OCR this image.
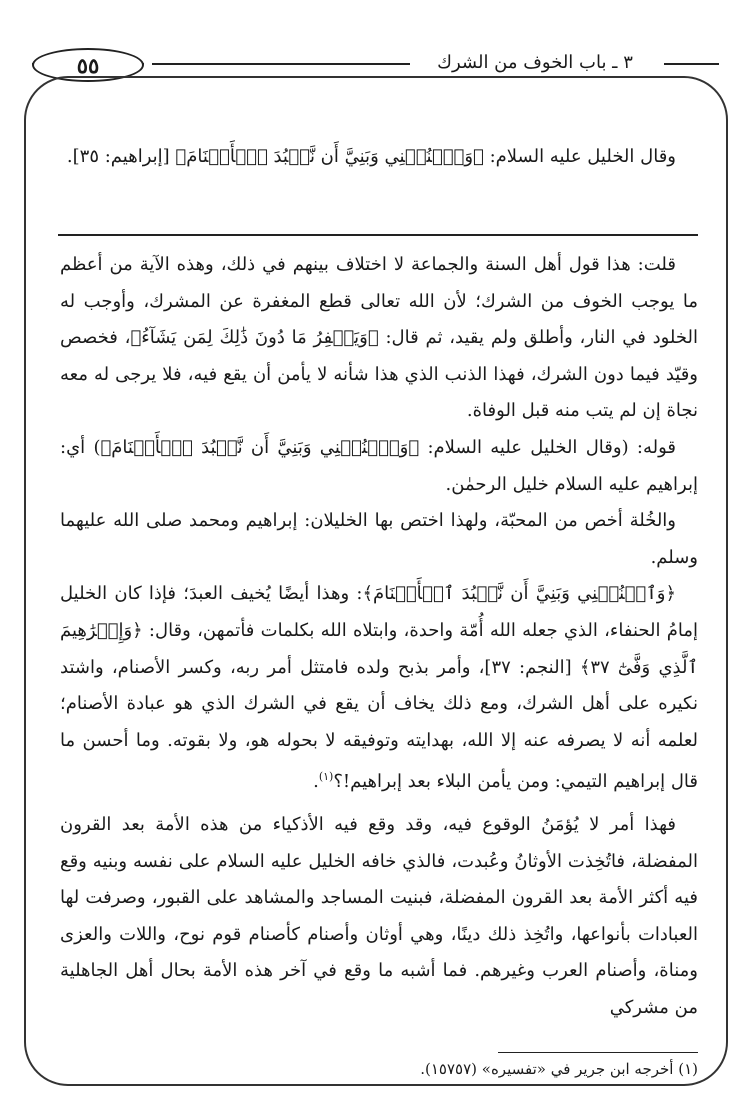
٥٥	٣ ـ باب الخوف من الشرك

وقال الخليل عليه السلام: ﴿وَٱجۡنُبۡنِي وَبَنِيَّ أَن نَّعۡبُدَ ٱلۡأَصۡنَامَ﴾ [إبراهيم: ٣٥].

قلت: هذا قول أهل السنة والجماعة لا اختلاف بينهم في ذلك، وهذه الآية من أعظم ما يوجب الخوف من الشرك؛ لأن الله تعالى قطع المغفرة عن المشرك، وأوجب له الخلود في النار، وأطلق ولم يقيد، ثم قال: ﴿وَيَغۡفِرُ مَا دُونَ ذَٰلِكَ لِمَن يَشَآءُ﴾، فخصص وقيّد فيما دون الشرك، فهذا الذنب الذي هذا شأنه لا يأمن أن يقع فيه، فلا يرجى له معه نجاة إن لم يتب منه قبل الوفاة.

قوله: (وقال الخليل عليه السلام: ﴿وَٱجۡنُبۡنِي وَبَنِيَّ أَن نَّعۡبُدَ ٱلۡأَصۡنَامَ﴾) أي: إبراهيم عليه السلام خليل الرحمٰن.

والخُلة أخص من المحبّة، ولهذا اختص بها الخليلان: إبراهيم ومحمد صلى الله عليهما وسلم.

﴿وَٱجۡنُبۡنِي وَبَنِيَّ أَن نَّعۡبُدَ ٱلۡأَصۡنَامَ﴾: وهذا أيضًا يُخيف العبدَ؛ فإذا كان الخليل إمامُ الحنفاء، الذي جعله الله أُمّة واحدة، وابتلاه الله بكلمات فأتمهن، وقال: ﴿وَإِبۡرَٰهِيمَ ٱلَّذِي وَفَّىٰٓ ٣٧﴾ [النجم: ٣٧]، وأمر بذبح ولده فامتثل أمر ربه، وكسر الأصنام، واشتد نكيره على أهل الشرك، ومع ذلك يخاف أن يقع في الشرك الذي هو عبادة الأصنام؛ لعلمه أنه لا يصرفه عنه إلا الله، بهدايته وتوفيقه لا بحوله هو، ولا بقوته. وما أحسن ما قال إبراهيم التيمي: ومن يأمن البلاء بعد إبراهيم!؟$^{(١)}$.

فهذا أمر لا يُؤمَنُ الوقوع فيه، وقد وقع فيه الأذكياء من هذه الأمة بعد القرون المفضلة، فاتُخِذت الأوثانُ وعُبدت، فالذي خافه الخليل عليه السلام على نفسه وبنيه وقع فيه أكثر الأمة بعد القرون المفضلة، فبنيت المساجد والمشاهد على القبور، وصرفت لها العبادات بأنواعها، واتُخِذ ذلك دينًا، وهي أوثان وأصنام كأصنام قوم نوح، واللات والعزى ومناة، وأصنام العرب وغيرهم. فما أشبه ما وقع في آخر هذه الأمة بحال أهل الجاهلية من مشركي

(١) أخرجه ابن جرير في «تفسيره» (١٥٧٥٧).
